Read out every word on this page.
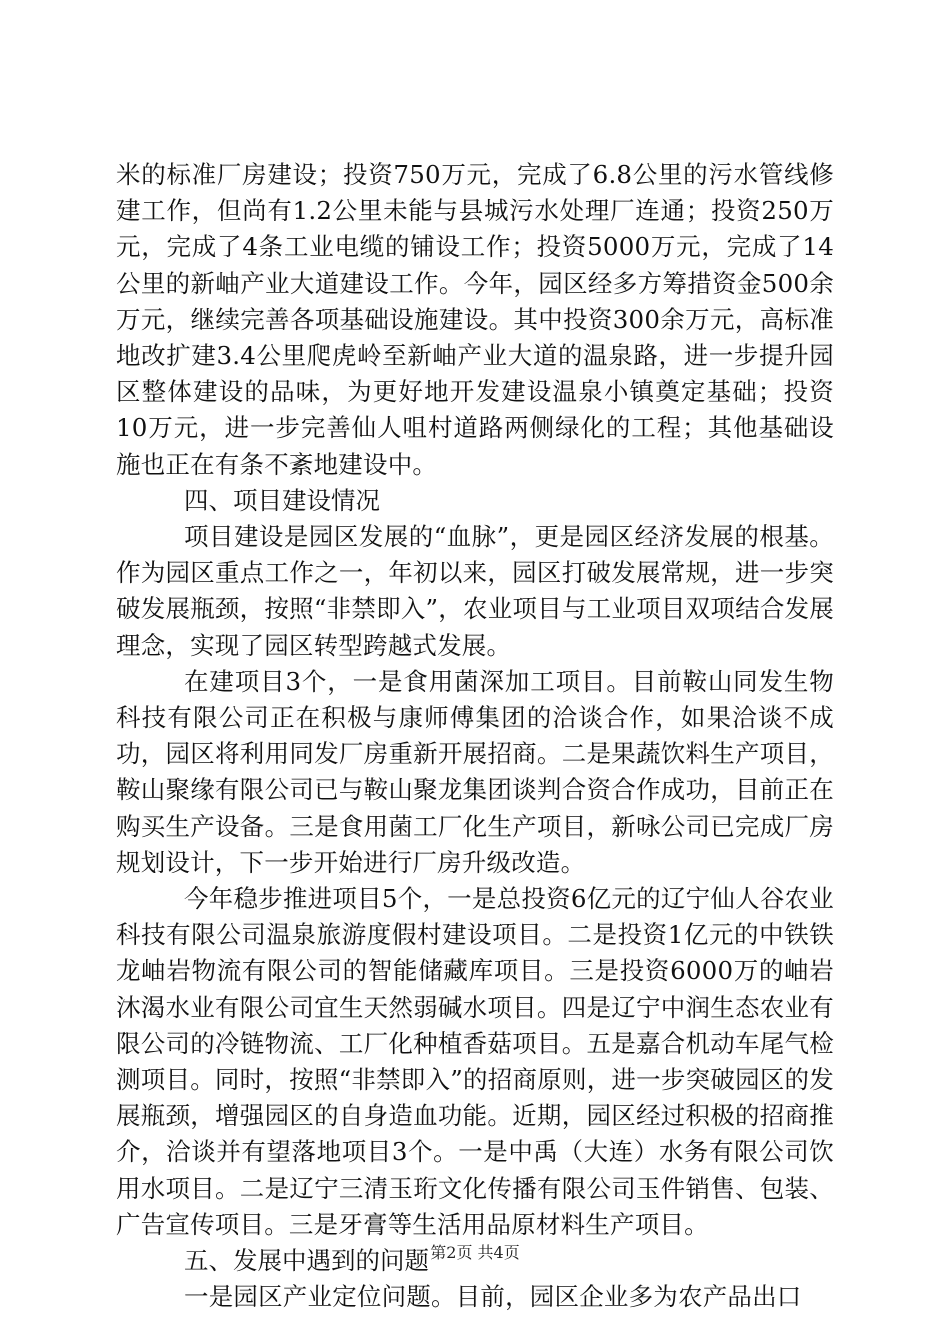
米的标准厂房建设；投资750万元，完成了6.8公里的污水管线修建工作，但尚有1.2公里未能与县城污水处理厂连通；投资250万元，完成了4条工业电缆的铺设工作；投资5000万元，完成了14公里的新岫产业大道建设工作。今年，园区经多方筹措资金500余万元，继续完善各项基础设施建设。其中投资300余万元，高标准地改扩建3.4公里爬虎岭至新岫产业大道的温泉路，进一步提升园区整体建设的品味，为更好地开发建设温泉小镇奠定基础；投资10万元，进一步完善仙人咀村道路两侧绿化的工程；其他基础设施也正在有条不紊地建设中。

四、项目建设情况

项目建设是园区发展的“血脉”，更是园区经济发展的根基。作为园区重点工作之一，年初以来，园区打破发展常规，进一步突破发展瓶颈，按照“非禁即入”，农业项目与工业项目双项结合发展理念，实现了园区转型跨越式发展。

在建项目3个，一是食用菌深加工项目。目前鞍山同发生物科技有限公司正在积极与康师傅集团的洽谈合作，如果洽谈不成功，园区将利用同发厂房重新开展招商。二是果蔬饮料生产项目，鞍山聚缘有限公司已与鞍山聚龙集团谈判合资合作成功，目前正在购买生产设备。三是食用菌工厂化生产项目，新咏公司已完成厂房规划设计，下一步开始进行厂房升级改造。

今年稳步推进项目5个，一是总投资6亿元的辽宁仙人谷农业科技有限公司温泉旅游度假村建设项目。二是投资1亿元的中铁铁龙岫岩物流有限公司的智能储藏库项目。三是投资6000万的岫岩沐渴水业有限公司宜生天然弱碱水项目。四是辽宁中润生态农业有限公司的冷链物流、工厂化种植香菇项目。五是嘉合机动车尾气检测项目。同时，按照“非禁即入”的招商原则，进一步突破园区的发展瓶颈，增强园区的自身造血功能。近期，园区经过积极的招商推介，洽谈并有望落地项目3个。一是中禹（大连）水务有限公司饮用水项目。二是辽宁三清玉珩文化传播有限公司玉件销售、包装、广告宣传项目。三是牙膏等生活用品原材料生产项目。

五、发展中遇到的问题

一是园区产业定位问题。目前，园区企业多为农产品出口

第2页 共4页
